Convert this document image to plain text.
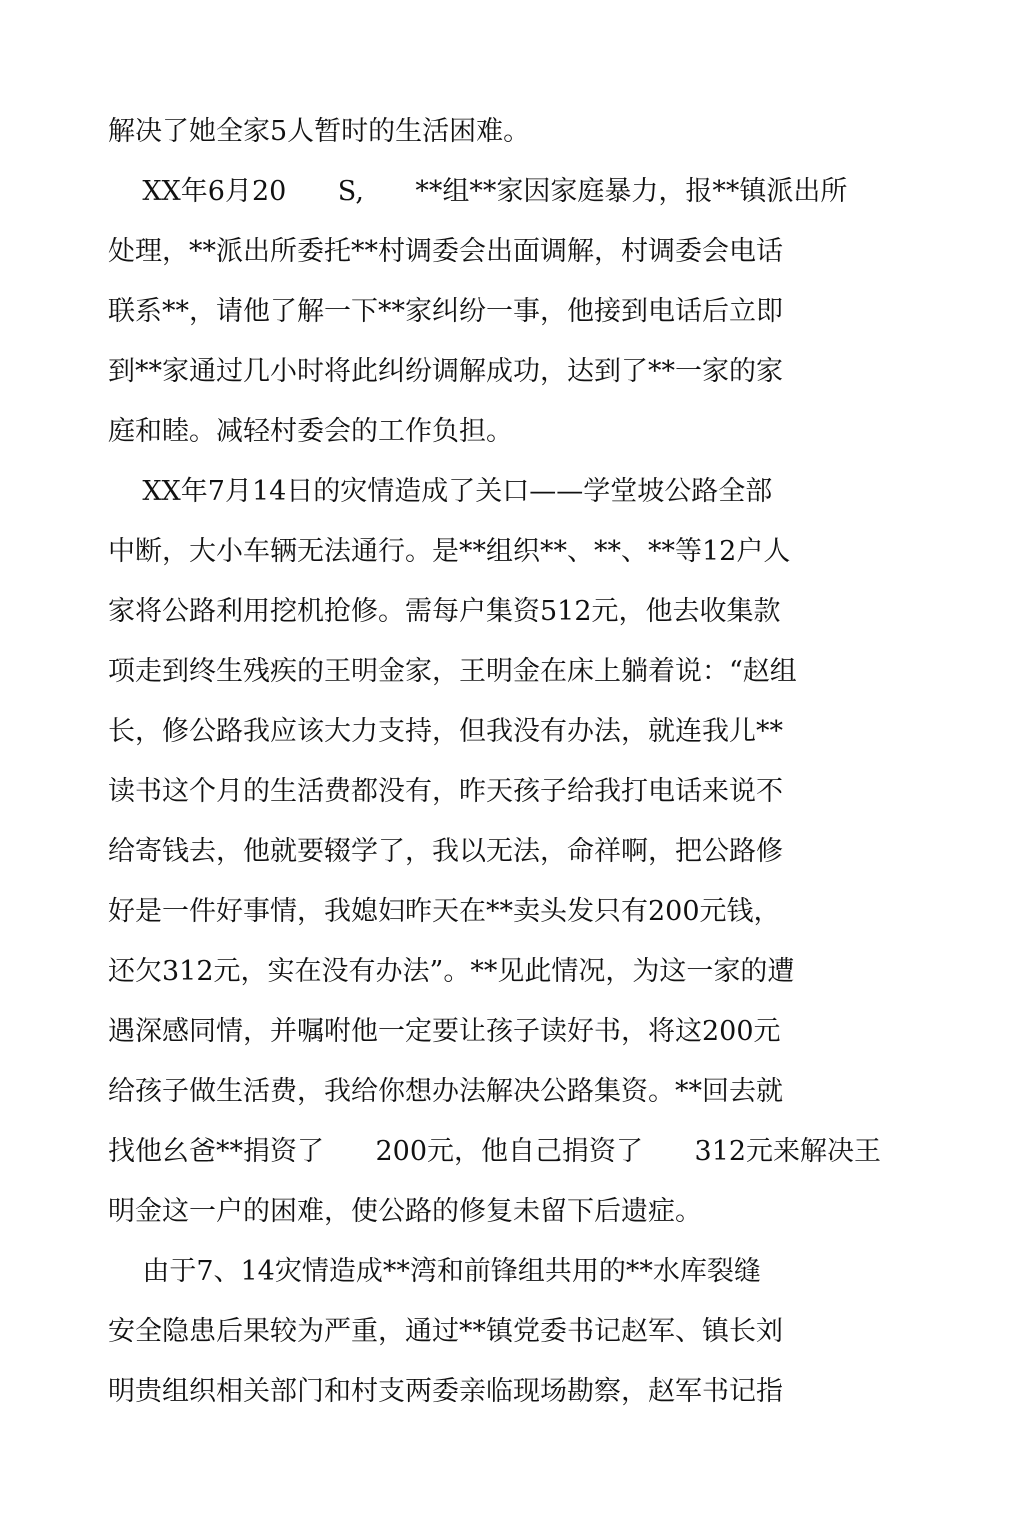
解决了她全家5人暂时的生活困难。
XX年6月20      S,      **组**家因家庭暴力，报**镇派出所
处理，**派出所委托**村调委会出面调解，村调委会电话
联系**，请他了解一下**家纠纷一事，他接到电话后立即
到**家通过几小时将此纠纷调解成功，达到了**一家的家
庭和睦。减轻村委会的工作负担。
XX年7月14日的灾情造成了关口——学堂坡公路全部
中断，大小车辆无法通行。是**组织**、**、**等12户人
家将公路利用挖机抢修。需每户集资512元，他去收集款
项走到终生残疾的王明金家，王明金在床上躺着说：“赵组
长，修公路我应该大力支持，但我没有办法，就连我儿**
读书这个月的生活费都没有，昨天孩子给我打电话来说不
给寄钱去，他就要辍学了，我以无法，命祥啊，把公路修
好是一件好事情，我媳妇昨天在**卖头发只有200元钱，
还欠312元，实在没有办法”。**见此情况，为这一家的遭
遇深感同情，并嘱咐他一定要让孩子读好书，将这200元
给孩子做生活费，我给你想办法解决公路集资。**回去就
找他幺爸**捐资了      200元，他自己捐资了      312元来解决王
明金这一户的困难，使公路的修复未留下后遗症。
由于7、14灾情造成**湾和前锋组共用的**水库裂缝
安全隐患后果较为严重，通过**镇党委书记赵军、镇长刘
明贵组织相关部门和村支两委亲临现场勘察，赵军书记指
